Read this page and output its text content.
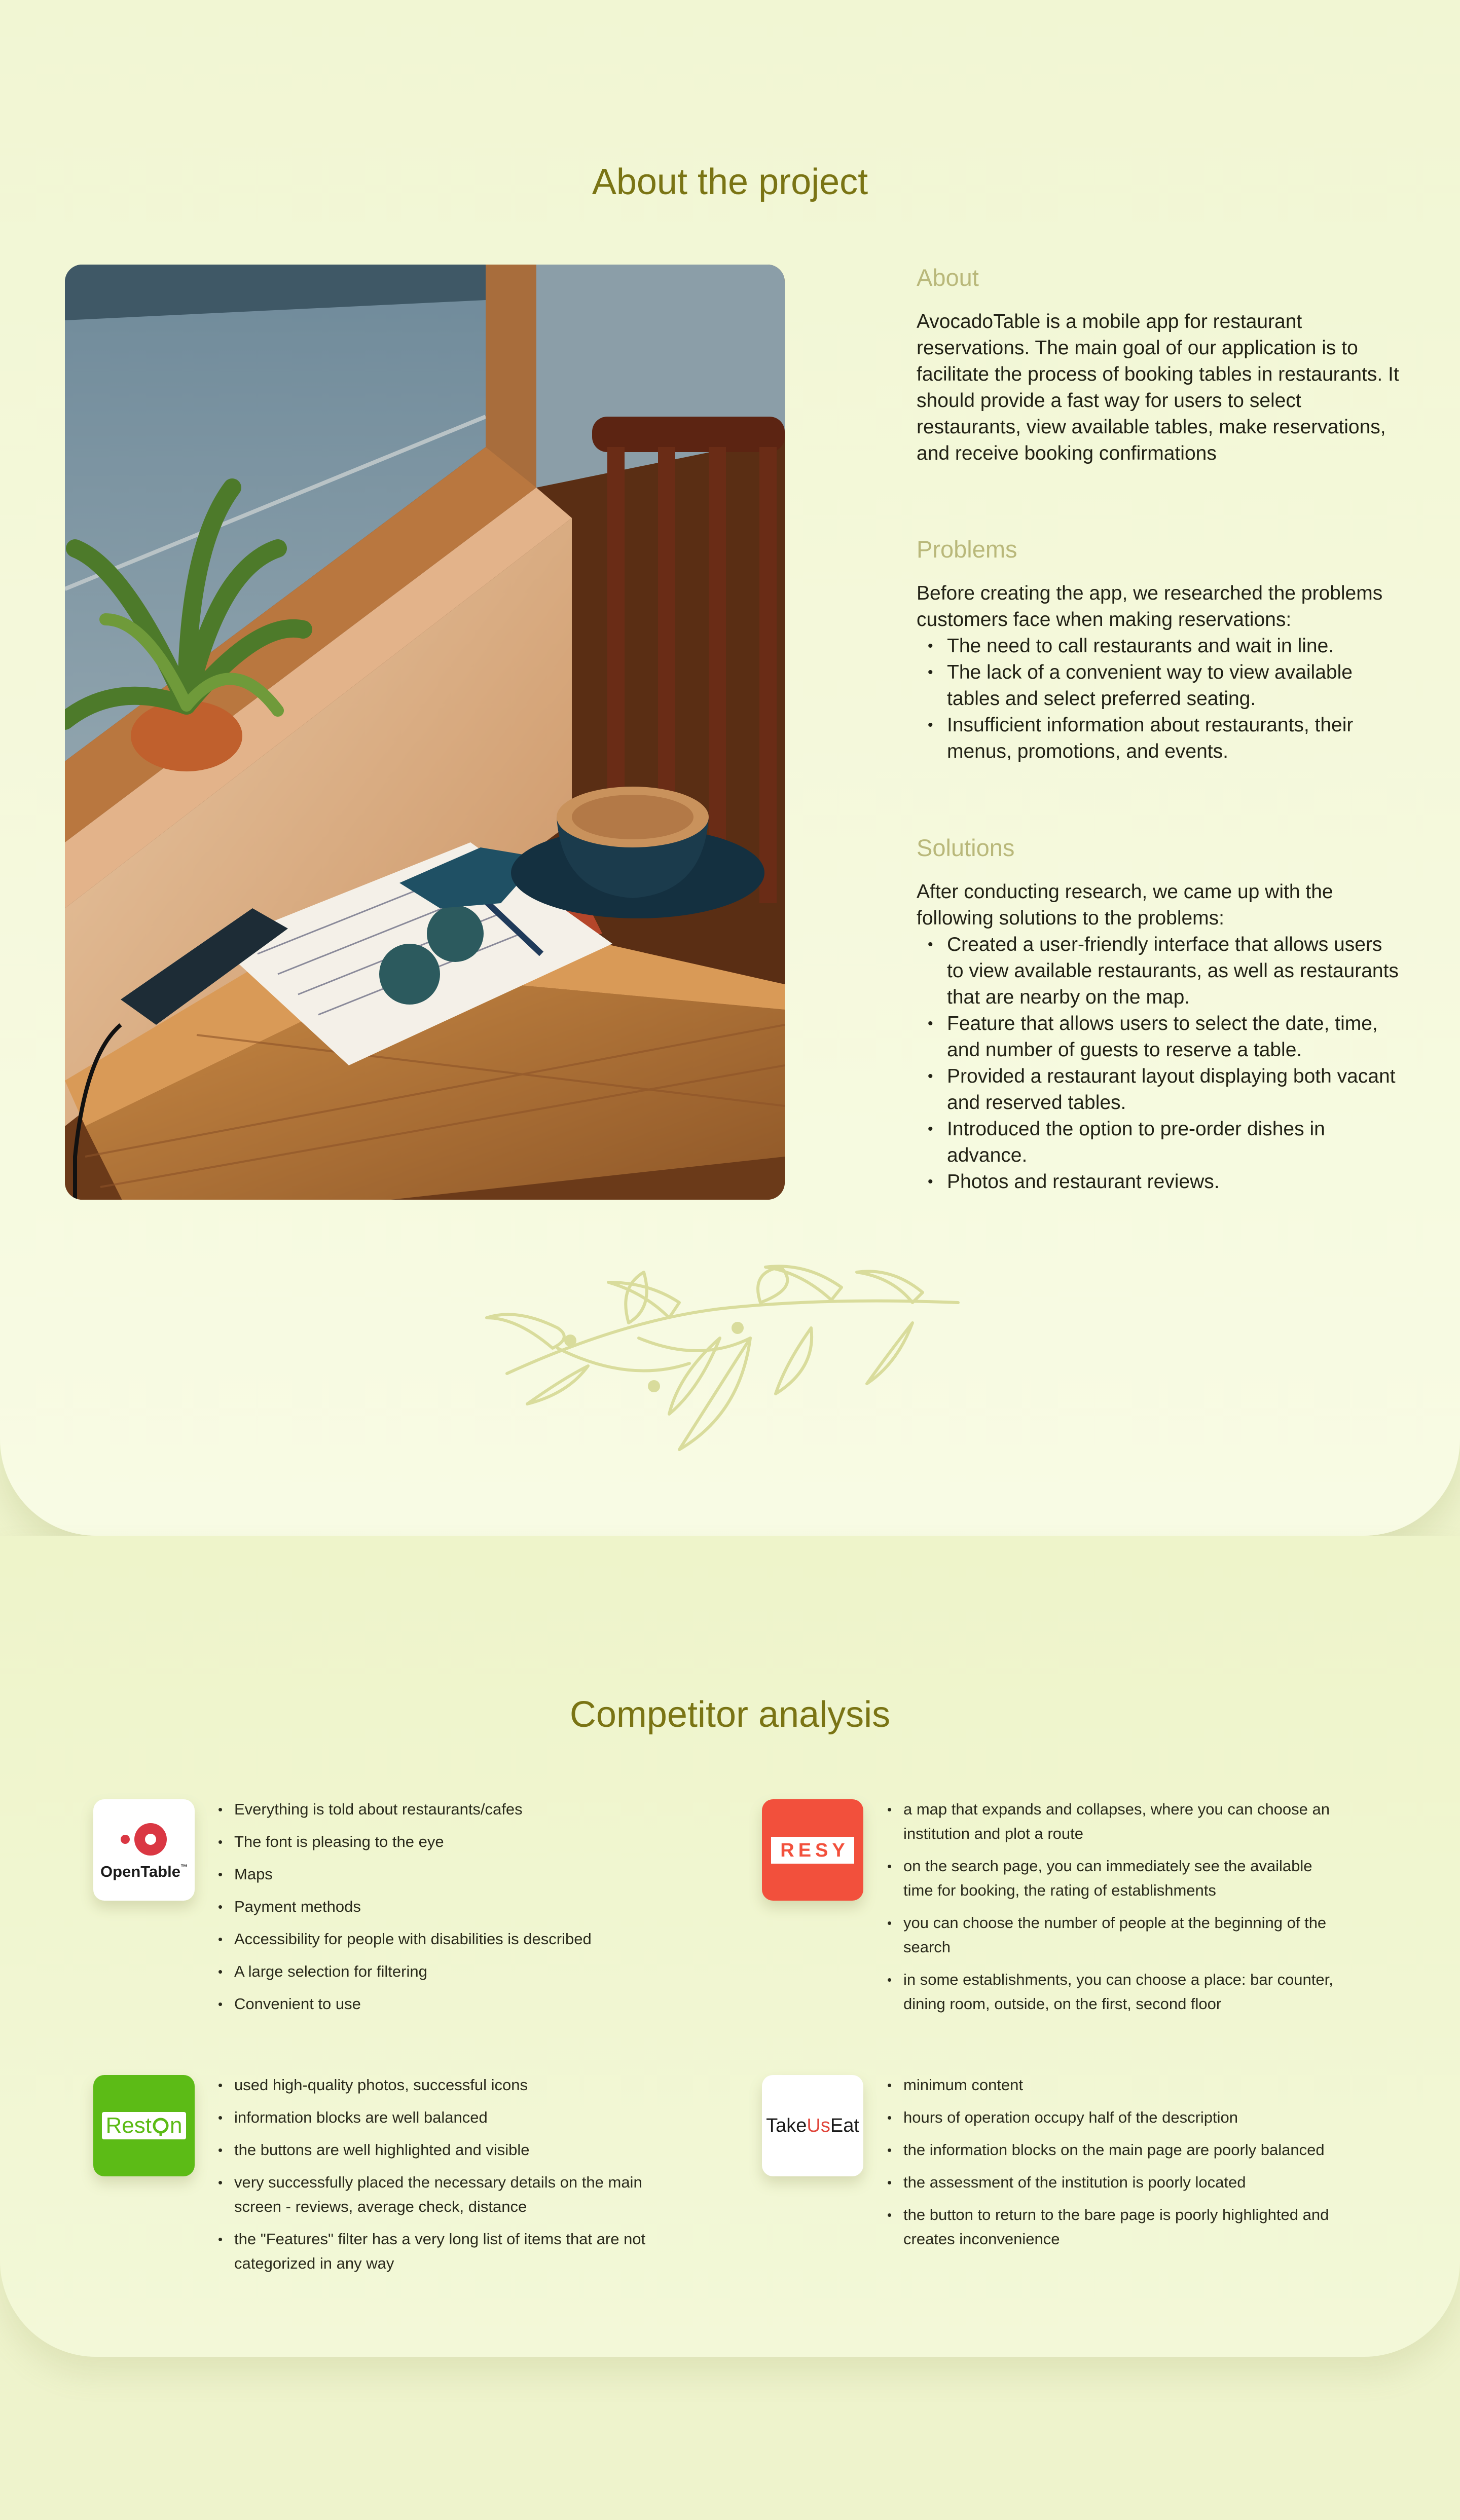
About the project
About

AvocadoTable is a mobile app for restaurant reservations. The main goal of our application is to facilitate the process of booking tables in restaurants. It should provide a fast way for users to select restaurants, view available tables, make reservations, and receive booking confirmations

Problems

Before creating the app, we researched the problems customers face when making reservations:

• The need to call restaurants and wait in line.
• The lack of a convenient way to view available tables and select preferred seating.
• Insufficient information about restaurants, their menus, promotions, and events.
Solutions

After conducting research, we came up with the following solutions to the problems:

• Created a user-friendly interface that allows users to view available restaurants, as well as restaurants that are nearby on the map.
• Feature that allows users to select the date, time, and number of guests to reserve a table.
• Provided a restaurant layout displaying both vacant and reserved tables.
• Introduced the option to pre-order dishes in advance.
• Photos and restaurant reviews.
Competitor analysis
OpenTable™
• Everything is told about restaurants/cafes
• The font is pleasing to the eye
• Maps
• Payment methods
• Accessibility for people with disabilities is described
• A large selection for filtering
• Convenient to use
RESY
• a map that expands and collapses, where you can choose an institution and plot a route
• on the search page, you can immediately see the available time for booking, the rating of establishments
• you can choose the number of people at the beginning of the search
• in some establishments, you can choose a place: bar counter, dining room, outside, on the first, second floor
Rest n
• used high-quality photos, successful icons
• information blocks are well balanced
• the buttons are well highlighted and visible
• very successfully placed the necessary details on the main screen - reviews, average check, distance
• the "Features" filter has a very long list of items that are not categorized in any way
TakeUsEat
• minimum content
• hours of operation occupy half of the description
• the information blocks on the main page are poorly balanced
• the assessment of the institution is poorly located
• the button to return to the bare page is poorly highlighted and creates inconvenience
